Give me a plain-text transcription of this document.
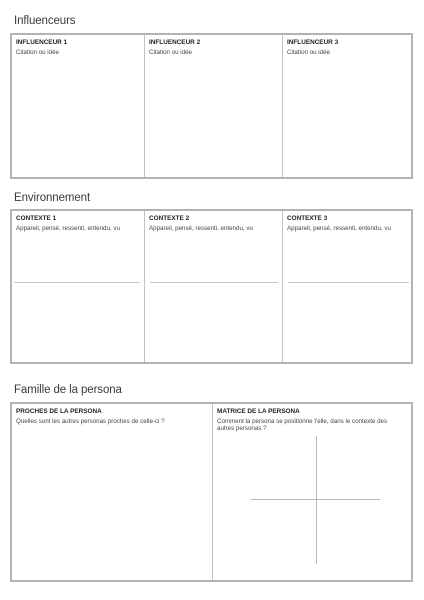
Influenceurs
INFLUENCEUR 1
Citation ou idée
INFLUENCEUR 2
Citation ou idée
INFLUENCEUR 3
Citation ou idée
Environnement
CONTEXTE 1
Appareil, pensé, ressenti, entendu, vu
CONTEXTE 2
Appareil, pensé, ressenti, entendu, vu
CONTEXTE 3
Appareil, pensé, ressenti, entendu, vu
Famille de la persona
PROCHES DE LA PERSONA
Quelles sont les autres personas proches de celle-ci ?
MATRICE DE LA PERSONA
Comment la persona se positionne t'elle, dans le contexte des autres personas ?
